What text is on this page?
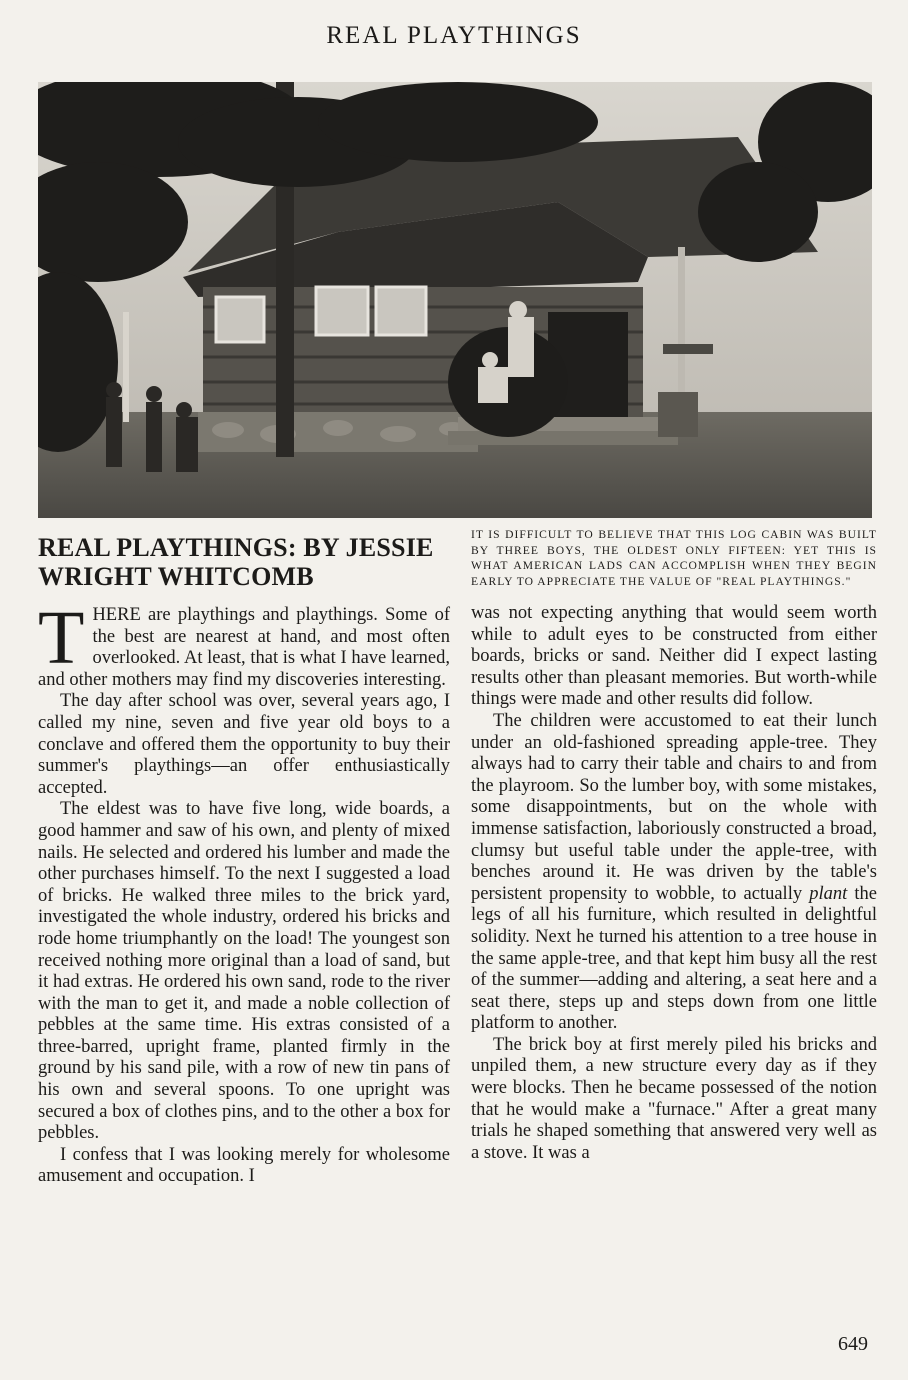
REAL PLAYTHINGS
REAL PLAYTHINGS: BY JESSIE WRIGHT WHITCOMB

THERE are playthings and playthings. Some of the best are nearest at hand, and most often overlooked. At least, that is what I have learned, and other mothers may find my discoveries interesting.

The day after school was over, several years ago, I called my nine, seven and five year old boys to a conclave and offered them the opportunity to buy their summer's playthings—an offer enthusiastically accepted.

The eldest was to have five long, wide boards, a good hammer and saw of his own, and plenty of mixed nails. He selected and ordered his lumber and made the other purchases himself. To the next I suggested a load of bricks. He walked three miles to the brick yard, investigated the whole industry, ordered his bricks and rode home triumphantly on the load! The youngest son received nothing more original than a load of sand, but it had extras. He ordered his own sand, rode to the river with the man to get it, and made a noble collection of pebbles at the same time. His extras consisted of a three-barred, upright frame, planted firmly in the ground by his sand pile, with a row of new tin pans of his own and several spoons. To one upright was secured a box of clothes pins, and to the other a box for pebbles.

I confess that I was looking merely for wholesome amusement and occupation. I

IT IS DIFFICULT TO BELIEVE THAT THIS LOG CABIN WAS BUILT BY THREE BOYS, THE OLDEST ONLY FIFTEEN: YET THIS IS WHAT AMERICAN LADS CAN ACCOMPLISH WHEN THEY BEGIN EARLY TO APPRECIATE THE VALUE OF "REAL PLAYTHINGS."

was not expecting anything that would seem worth while to adult eyes to be constructed from either boards, bricks or sand. Neither did I expect lasting results other than pleasant memories. But worth-while things were made and other results did follow.

The children were accustomed to eat their lunch under an old-fashioned spreading apple-tree. They always had to carry their table and chairs to and from the playroom. So the lumber boy, with some mistakes, some disappointments, but on the whole with immense satisfaction, laboriously constructed a broad, clumsy but useful table under the apple-tree, with benches around it. He was driven by the table's persistent propensity to wobble, to actually plant the legs of all his furniture, which resulted in delightful solidity. Next he turned his attention to a tree house in the same apple-tree, and that kept him busy all the rest of the summer—adding and altering, a seat here and a seat there, steps up and steps down from one little platform to another.

The brick boy at first merely piled his bricks and unpiled them, a new structure every day as if they were blocks. Then he became possessed of the notion that he would make a "furnace." After a great many trials he shaped something that answered very well as a stove. It was a

649
